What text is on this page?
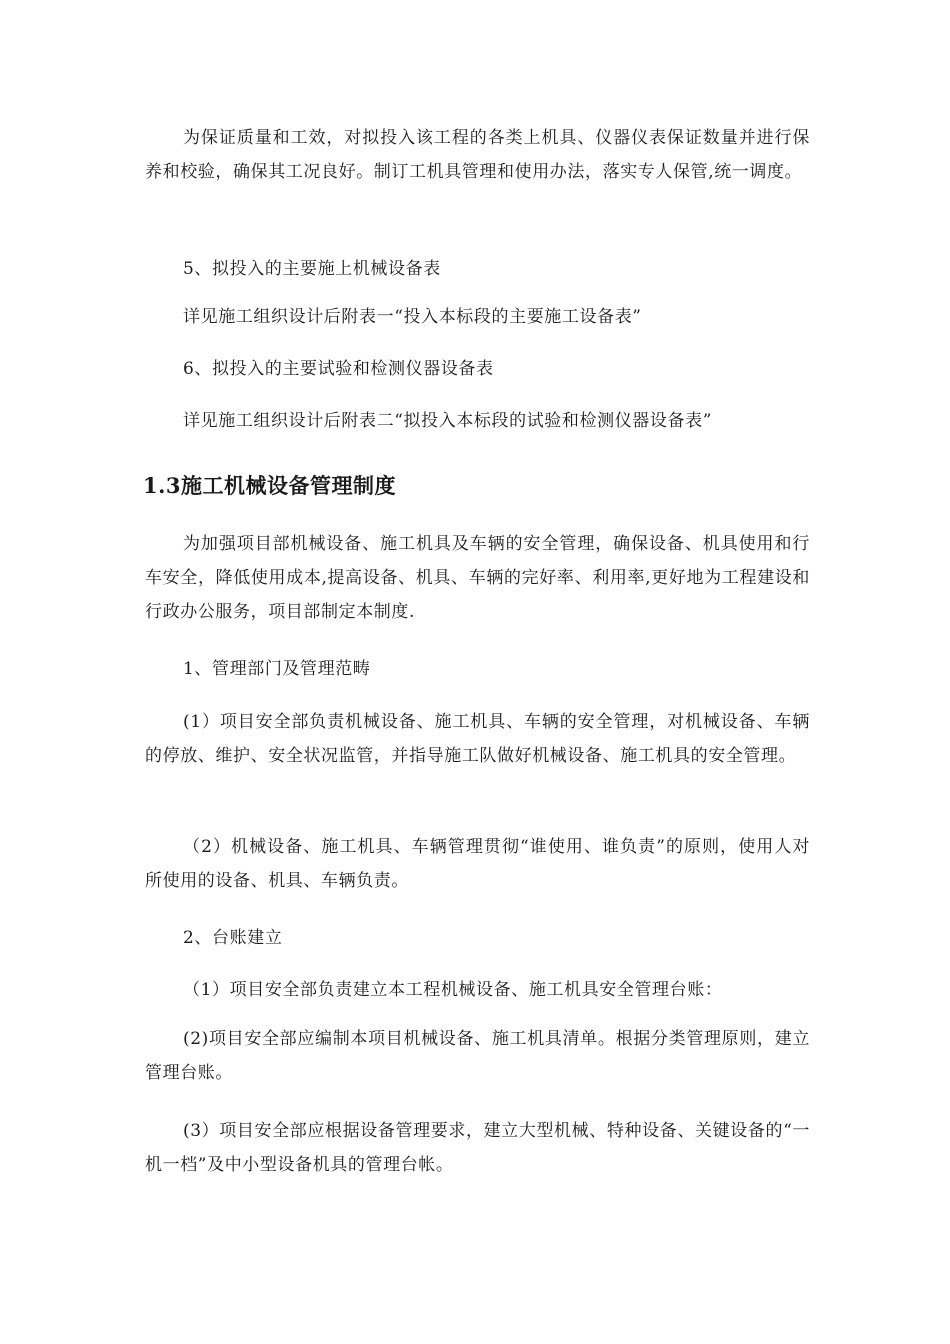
为保证质量和工效，对拟投入该工程的各类上机具、仪器仪表保证数量并进行保养和校验，确保其工况良好。制订工机具管理和使用办法，落实专人保管,统一调度。

5、拟投入的主要施上机械设备表

详见施工组织设计后附表一“投入本标段的主要施工设备表”

6、拟投入的主要试验和检测仪器设备表

详见施工组织设计后附表二“拟投入本标段的试验和检测仪器设备表”

1.3施工机械设备管理制度

为加强项目部机械设备、施工机具及车辆的安全管理，确保设备、机具使用和行车安全，降低使用成本,提高设备、机具、车辆的完好率、利用率,更好地为工程建设和行政办公服务，项目部制定本制度.

1、管理部门及管理范畴

(1）项目安全部负责机械设备、施工机具、车辆的安全管理，对机械设备、车辆的停放、维护、安全状况监管，并指导施工队做好机械设备、施工机具的安全管理。

（2）机械设备、施工机具、车辆管理贯彻“谁使用、谁负责”的原则，使用人对所使用的设备、机具、车辆负责。

2、台账建立

（1）项目安全部负责建立本工程机械设备、施工机具安全管理台账：

(2)项目安全部应编制本项目机械设备、施工机具清单。根据分类管理原则，建立管理台账。

(3）项目安全部应根据设备管理要求，建立大型机械、特种设备、关键设备的“一机一档”及中小型设备机具的管理台帐。
